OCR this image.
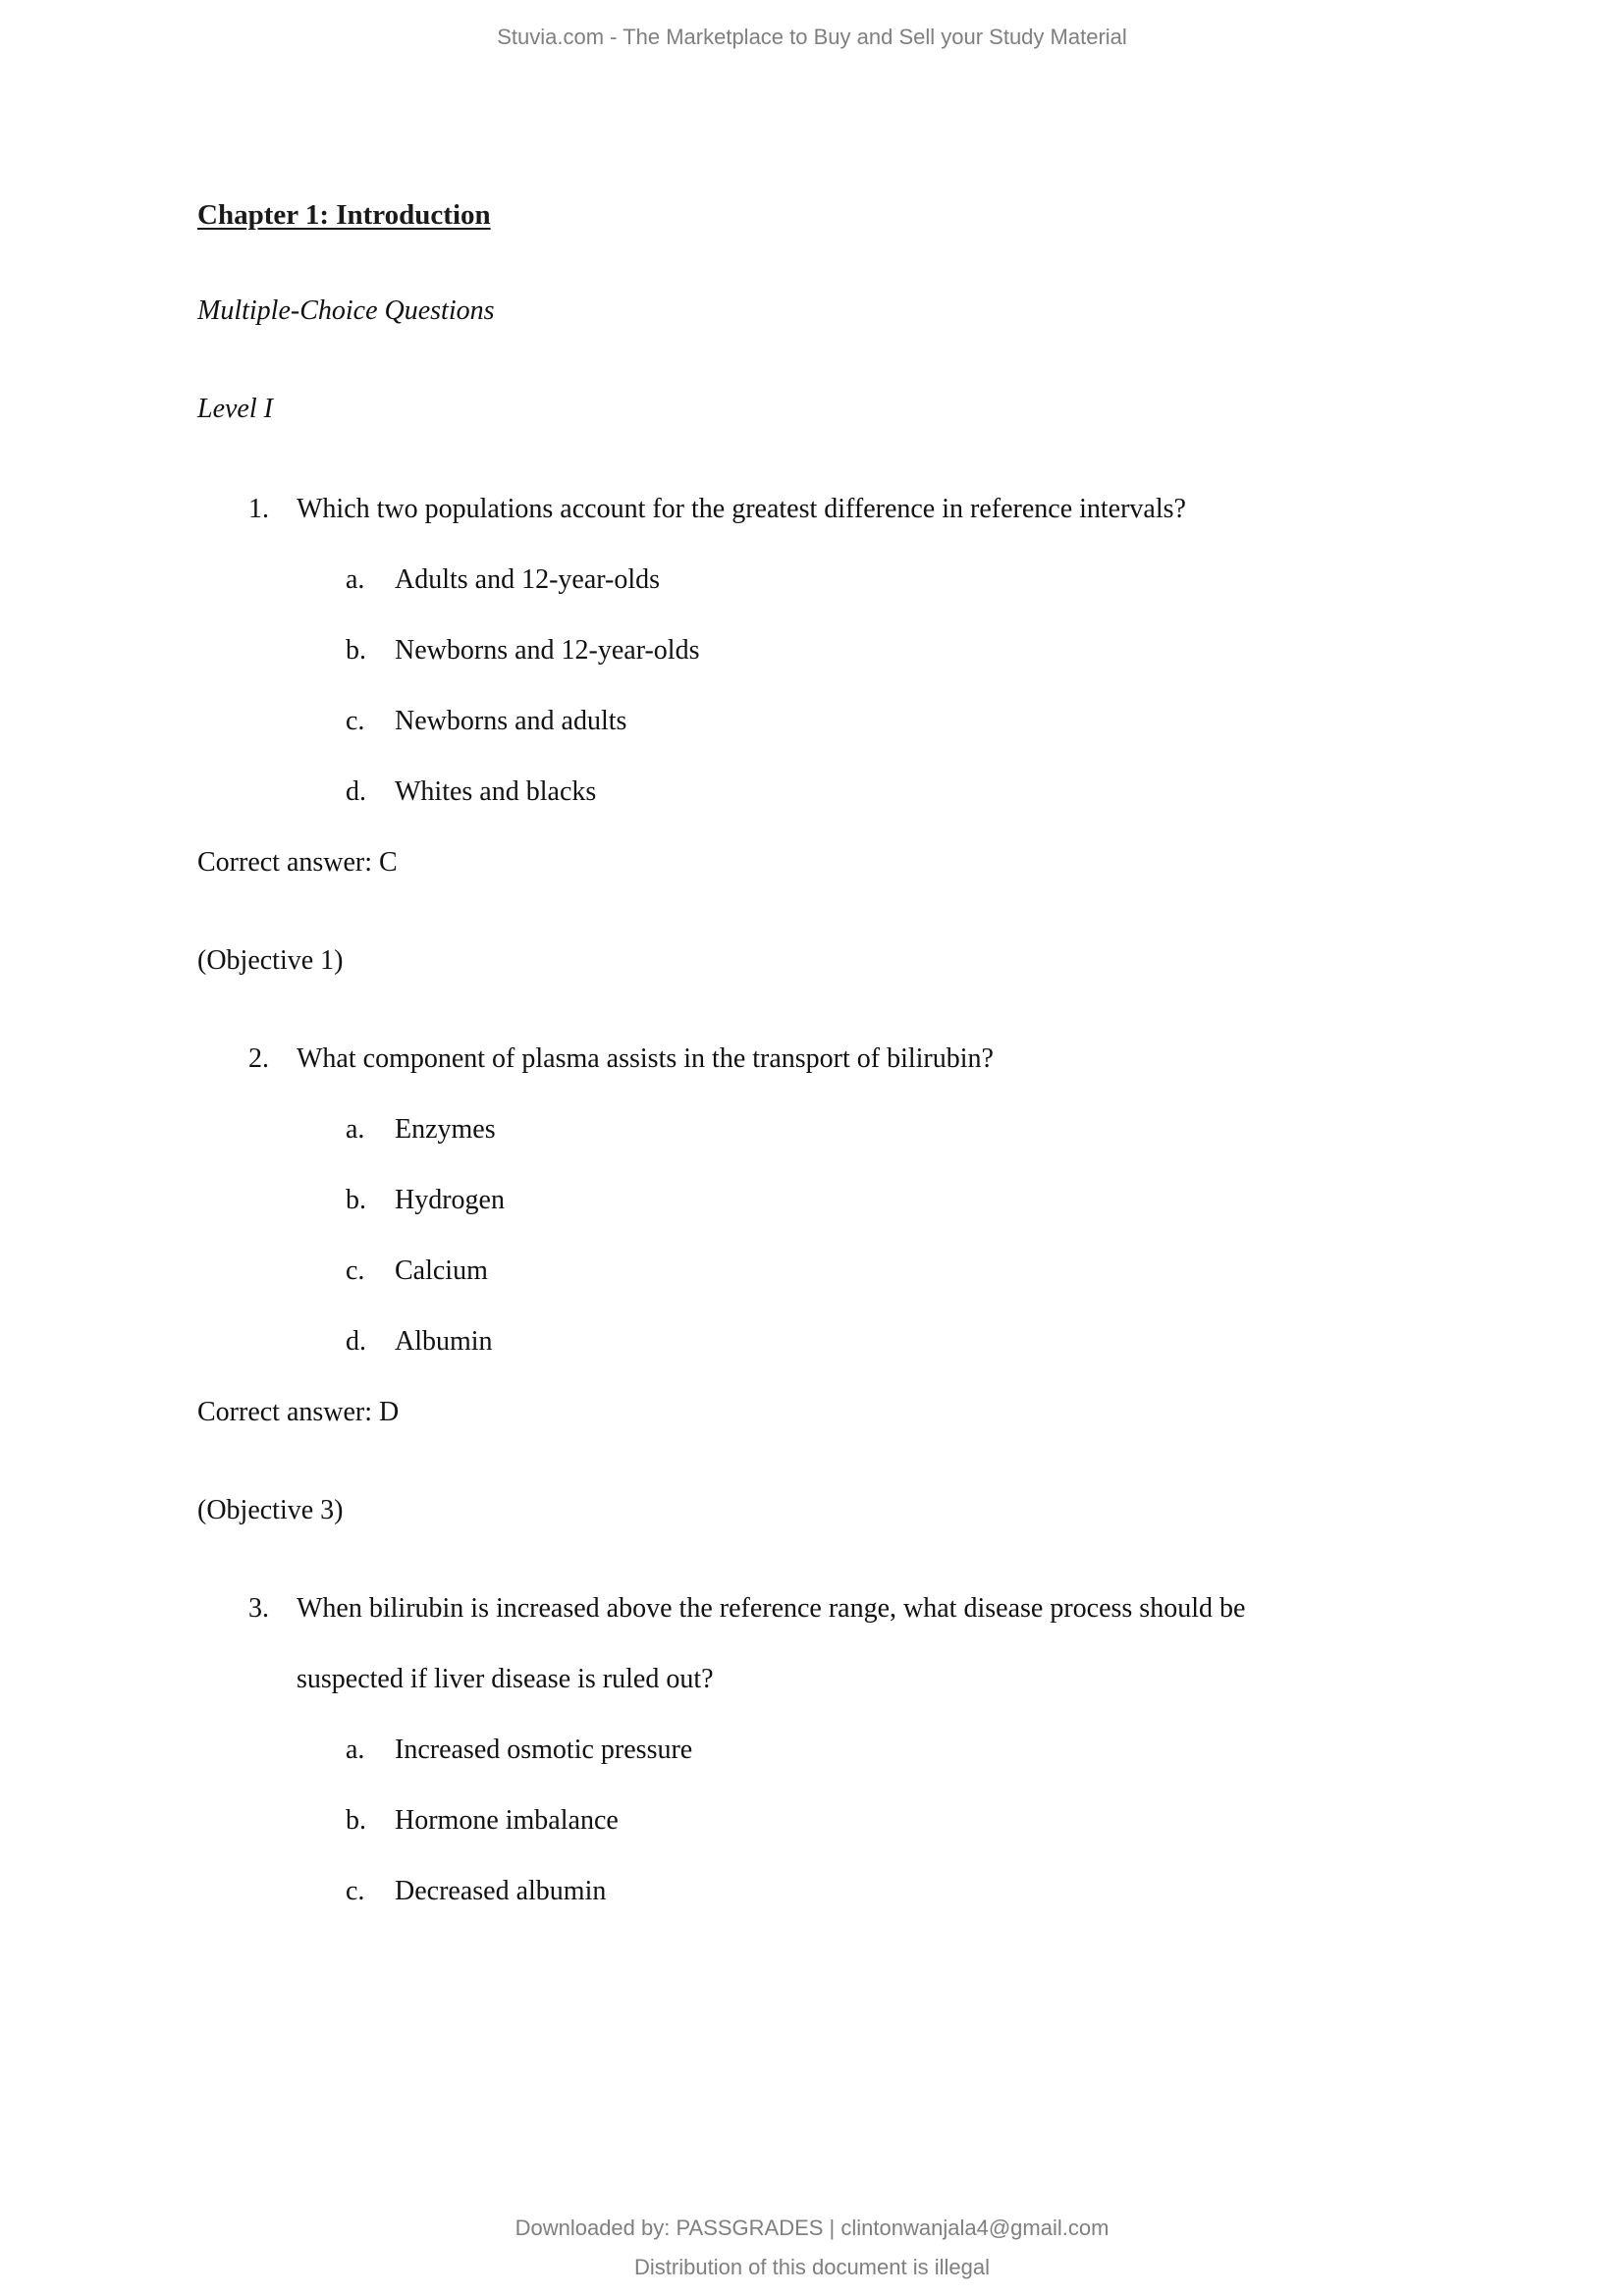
Stuvia.com - The Marketplace to Buy and Sell your Study Material
Chapter 1: Introduction
Multiple-Choice Questions
Level I
1. Which two populations account for the greatest difference in reference intervals?
a. Adults and 12-year-olds
b. Newborns and 12-year-olds
c. Newborns and adults
d. Whites and blacks
Correct answer: C
(Objective 1)
2. What component of plasma assists in the transport of bilirubin?
a. Enzymes
b. Hydrogen
c. Calcium
d. Albumin
Correct answer: D
(Objective 3)
3. When bilirubin is increased above the reference range, what disease process should be
suspected if liver disease is ruled out?
a. Increased osmotic pressure
b. Hormone imbalance
c. Decreased albumin
Downloaded by: PASSGRADES | clintonwanjala4@gmail.com
Distribution of this document is illegal
